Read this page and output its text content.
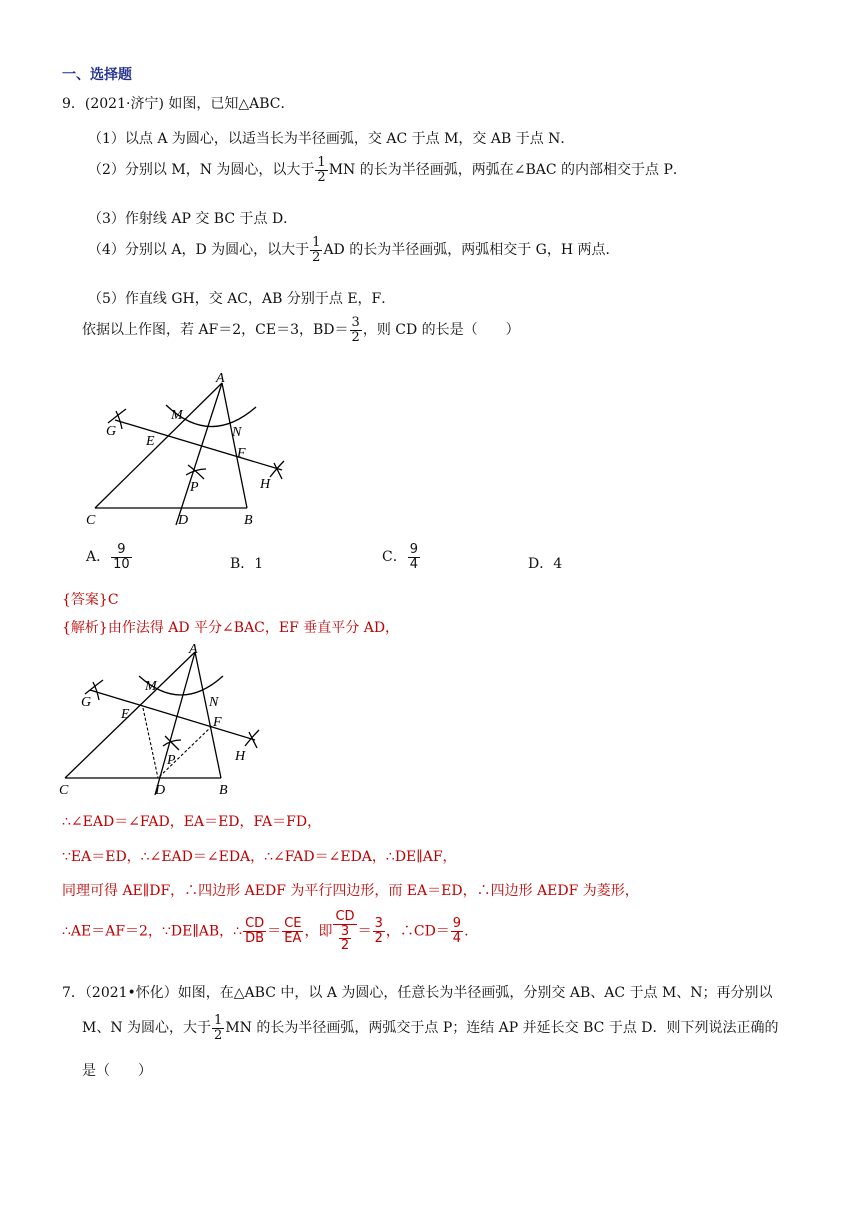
一、选择题
9．(2021·济宁) 如图，已知△ABC．
（1）以点 A 为圆心，以适当长为半径画弧，交 AC 于点 M，交 AB 于点 N．
（2）分别以 M，N 为圆心，以大于 $\frac{1}{2}$ MN 的长为半径画弧，两弧在∠BAC 的内部相交于点 P．
（3）作射线 AP 交 BC 于点 D．
（4）分别以 A，D 为圆心，以大于 $\frac{1}{2}$ AD 的长为半径画弧，两弧相交于 G，H 两点．
（5）作直线 GH，交 AC，AB 分别于点 E，F．
依据以上作图，若 AF＝2，CE＝3，$BD= \frac{3}{2}$ ，则 CD 的长是（　　）
A
M
N
G
E
F
P	H
C	D	B
A． $\frac{9}{10}$	B．1	C． $\frac{9}{4}$	D．4
{答案}C
{解析}由作法得 AD 平分∠BAC，EF 垂直平分 AD，
A
M
N
G
E
F
P	H
C	D	B
∴∠EAD＝∠FAD，EA＝ED，FA＝FD，
∵EA＝ED，∴∠EAD＝∠EDA，∴∠FAD＝∠EDA，∴DE∥AF，
同理可得 AE∥DF，∴四边形 AEDF 为平行四边形，而 EA＝ED，∴四边形 AEDF 为菱形，
∴AE＝AF＝2，∵DE∥AB，∴ $\frac{CD}{DB} = \frac{CE}{EA}$ ，即 $\frac{CD}{\frac{3}{2}} = \frac{3}{2}$ ，∴CD＝ $\frac{9}{4}$ .
7．（2021•怀化）如图，在△ABC 中，以 A 为圆心，任意长为半径画弧，分别交 AB、AC 于点 M、N；再分别以
M、N 为圆心，大于 $\frac{1}{2}$ MN 的长为半径画弧，两弧交于点 P；连结 AP 并延长交 BC 于点 D．则下列说法正确的
是（　　）
